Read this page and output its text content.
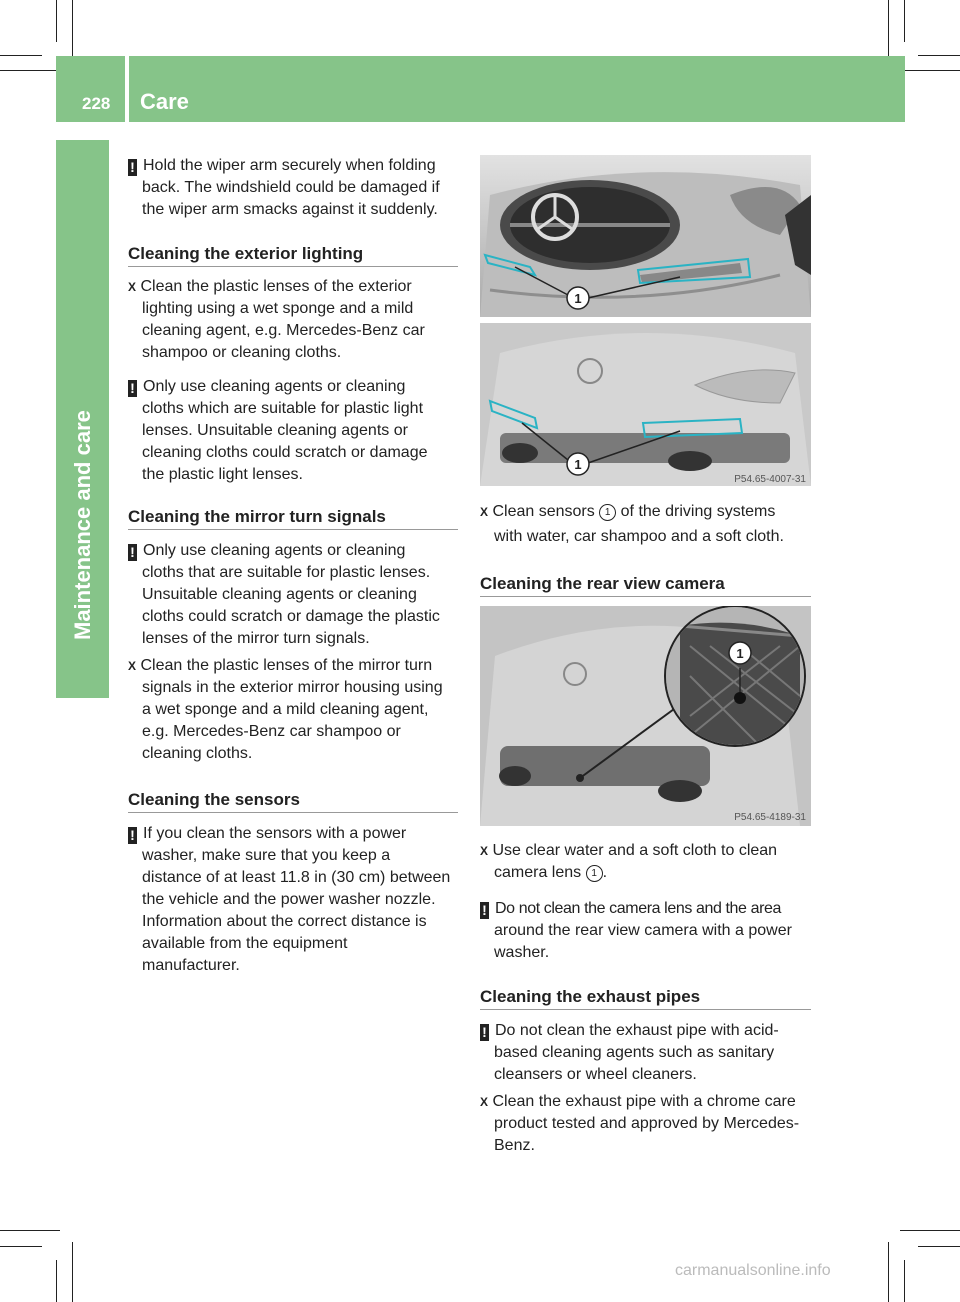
228 Care
Maintenance and care
! Hold the wiper arm securely when folding
back. The windshield could be damaged if
the wiper arm smacks against it suddenly.
Cleaning the exterior lighting
X Clean the plastic lenses of the exterior
lighting using a wet sponge and a mild
cleaning agent, e.g. Mercedes-Benz car
shampoo or cleaning cloths.
! Only use cleaning agents or cleaning
cloths which are suitable for plastic light
lenses. Unsuitable cleaning agents or
cleaning cloths could scratch or damage
the plastic light lenses.
Cleaning the mirror turn signals
! Only use cleaning agents or cleaning
cloths that are suitable for plastic lenses.
Unsuitable cleaning agents or cleaning
cloths could scratch or damage the plastic
lenses of the mirror turn signals.
X Clean the plastic lenses of the mirror turn
signals in the exterior mirror housing using
a wet sponge and a mild cleaning agent,
e.g. Mercedes-Benz car shampoo or
cleaning cloths.
Cleaning the sensors
! If you clean the sensors with a power
washer, make sure that you keep a
distance of at least 11.8 in (30 cm) between
the vehicle and the power washer nozzle.
Information about the correct distance is
available from the equipment
manufacturer.
1
1
P54.65-4007-31
X Clean sensors 1 of the driving systems
with water, car shampoo and a soft cloth.
Cleaning the rear view camera
1
P54.65-4189-31
X Use clear water and a soft cloth to clean
camera lens 1 .
! Do not clean the camera lens and the area
around the rear view camera with a power
washer.
Cleaning the exhaust pipes
! Do not clean the exhaust pipe with acid-
based cleaning agents such as sanitary
cleansers or wheel cleaners.
X Clean the exhaust pipe with a chrome care
product tested and approved by Mercedes-
Benz.
carmanualsonline.info
